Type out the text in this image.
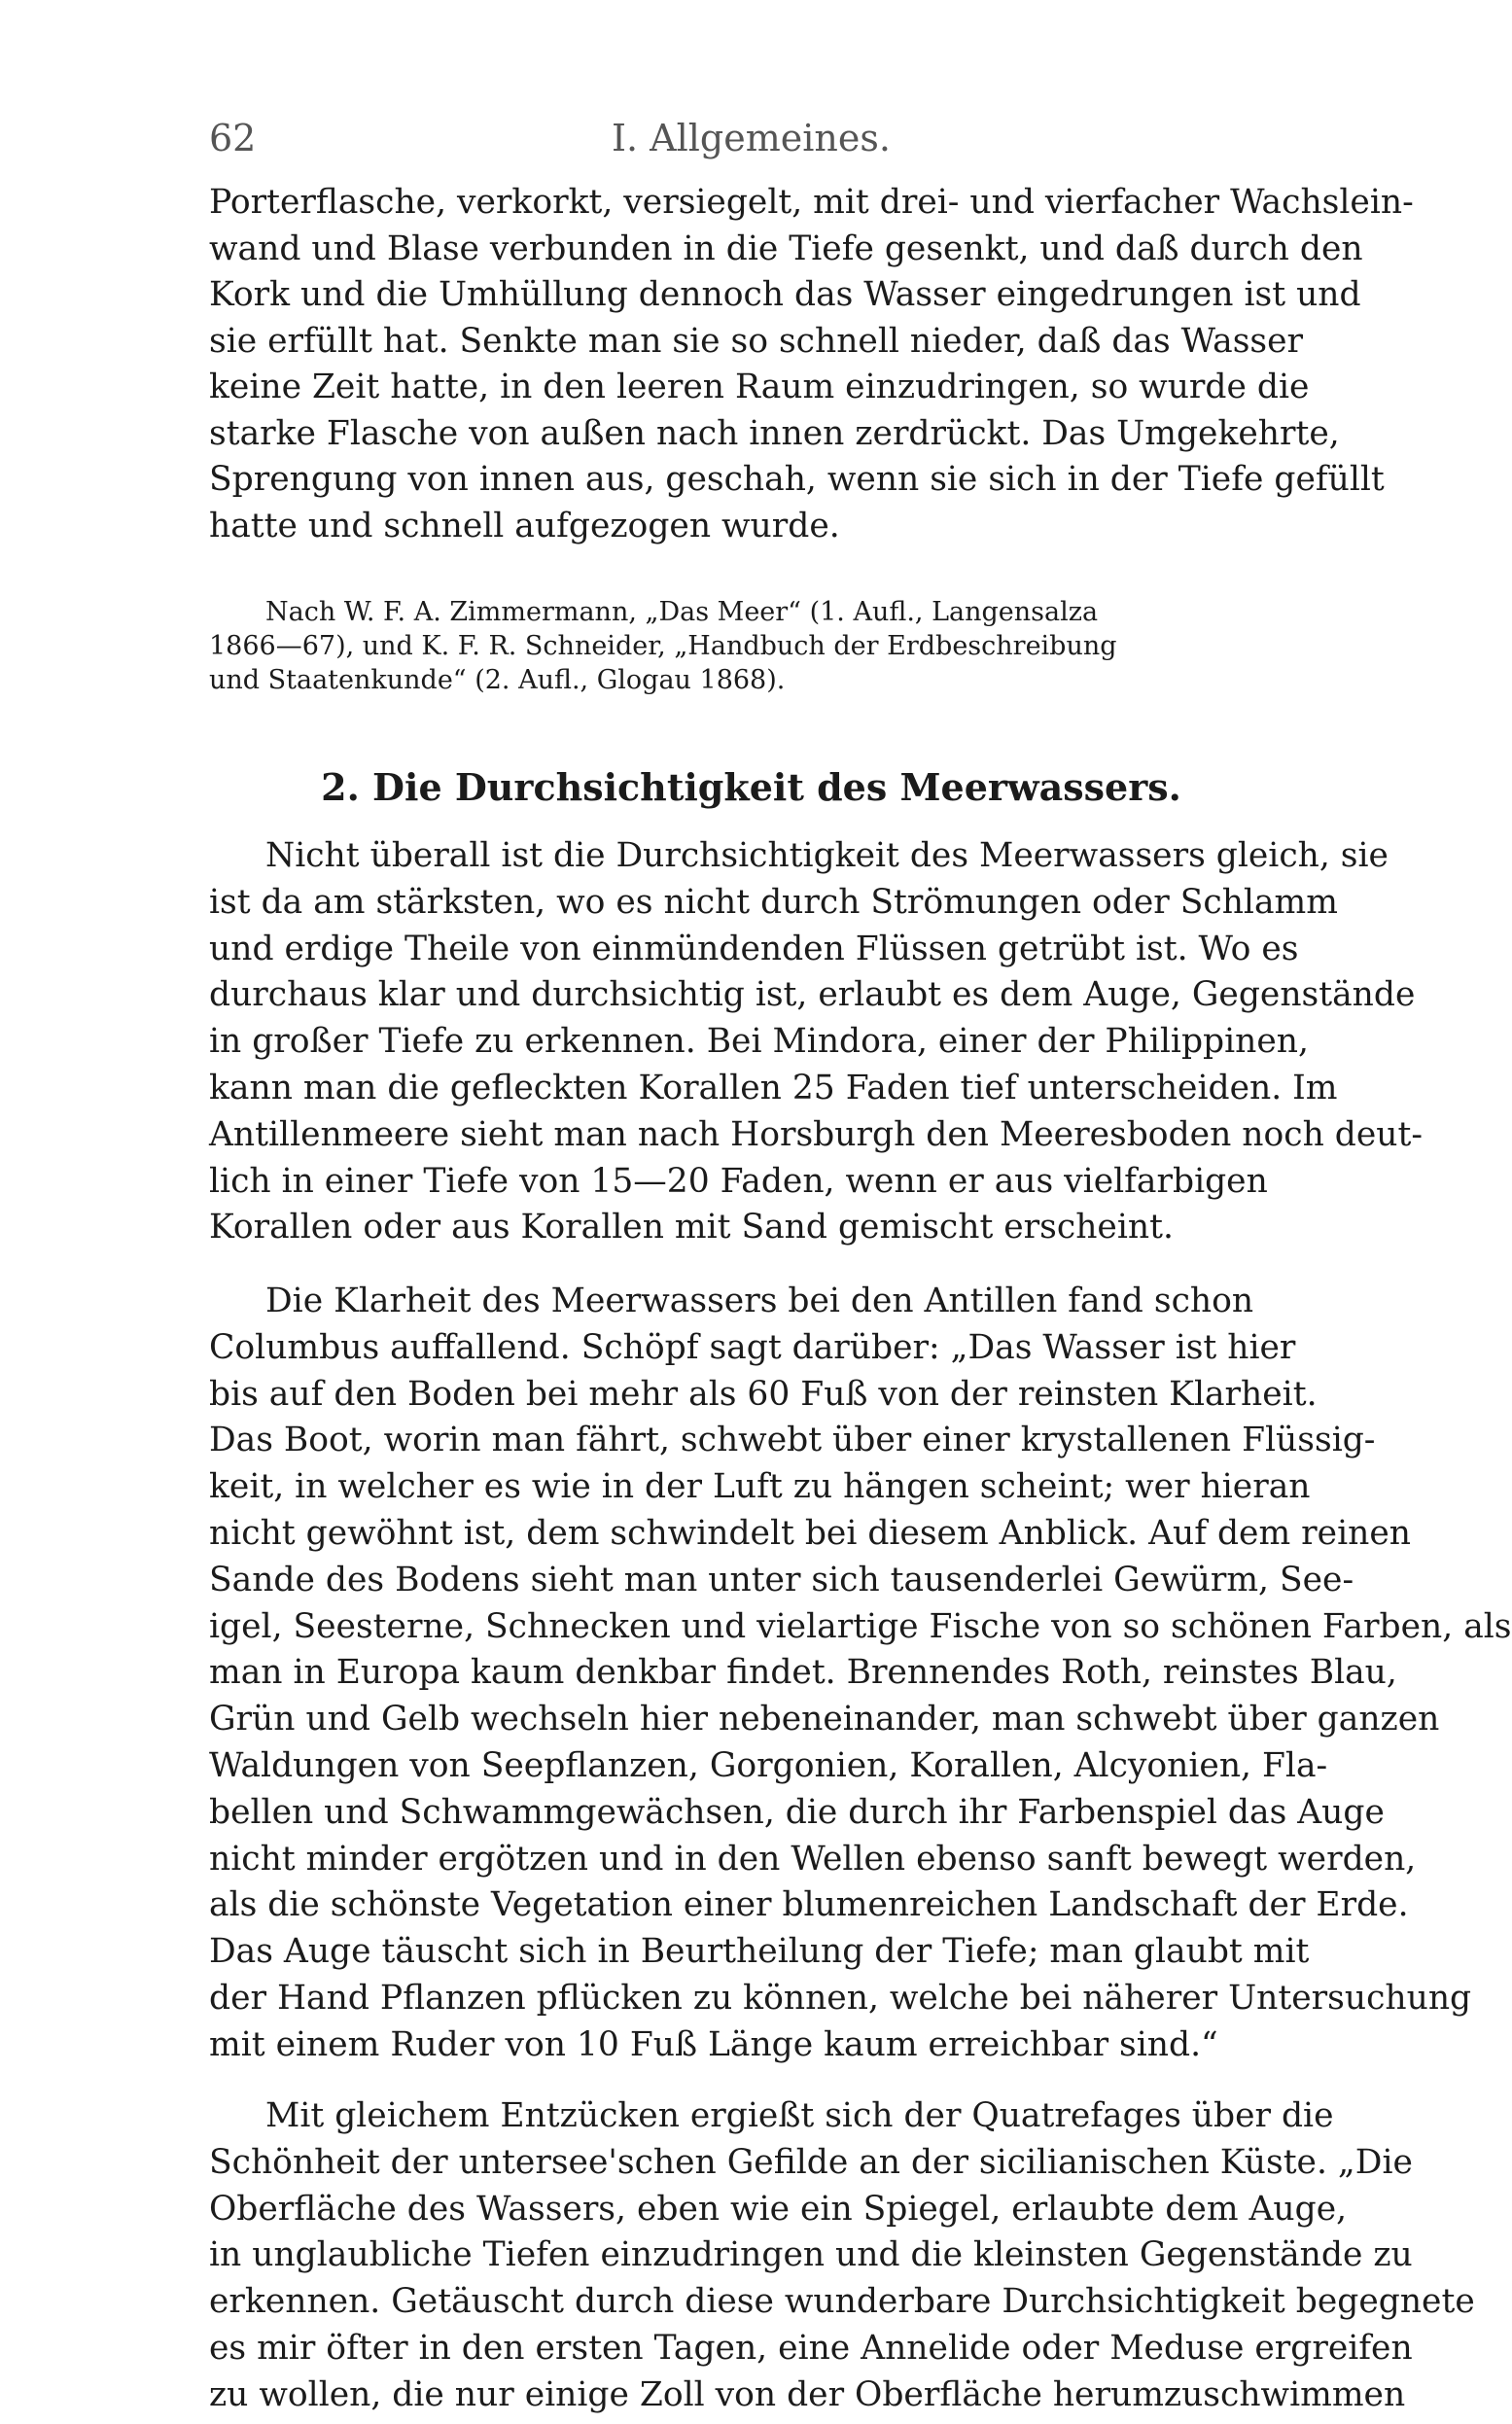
62	I. Allgemeines.
Porterflasche, verkorkt, versiegelt, mit drei- und vierfacher Wachslein-
wand und Blase verbunden in die Tiefe gesenkt, und daß durch den
Kork und die Umhüllung dennoch das Wasser eingedrungen ist und
sie erfüllt hat. Senkte man sie so schnell nieder, daß das Wasser
keine Zeit hatte, in den leeren Raum einzudringen, so wurde die
starke Flasche von außen nach innen zerdrückt. Das Umgekehrte,
Sprengung von innen aus, geschah, wenn sie sich in der Tiefe gefüllt
hatte und schnell aufgezogen wurde.
Nach W. F. A. Zimmermann, „Das Meer“ (1. Aufl., Langensalza
1866—67), und K. F. R. Schneider, „Handbuch der Erdbeschreibung
und Staatenkunde“ (2. Aufl., Glogau 1868).
2. Die Durchsichtigkeit des Meerwassers.
Nicht überall ist die Durchsichtigkeit des Meerwassers gleich, sie
ist da am stärksten, wo es nicht durch Strömungen oder Schlamm
und erdige Theile von einmündenden Flüssen getrübt ist. Wo es
durchaus klar und durchsichtig ist, erlaubt es dem Auge, Gegenstände
in großer Tiefe zu erkennen. Bei Mindora, einer der Philippinen,
kann man die gefleckten Korallen 25 Faden tief unterscheiden. Im
Antillenmeere sieht man nach Horsburgh den Meeresboden noch deut-
lich in einer Tiefe von 15—20 Faden, wenn er aus vielfarbigen
Korallen oder aus Korallen mit Sand gemischt erscheint.
Die Klarheit des Meerwassers bei den Antillen fand schon
Columbus auffallend. Schöpf sagt darüber: „Das Wasser ist hier
bis auf den Boden bei mehr als 60 Fuß von der reinsten Klarheit.
Das Boot, worin man fährt, schwebt über einer krystallenen Flüssig-
keit, in welcher es wie in der Luft zu hängen scheint; wer hieran
nicht gewöhnt ist, dem schwindelt bei diesem Anblick. Auf dem reinen
Sande des Bodens sieht man unter sich tausenderlei Gewürm, See-
igel, Seesterne, Schnecken und vielartige Fische von so schönen Farben, als
man in Europa kaum denkbar findet. Brennendes Roth, reinstes Blau,
Grün und Gelb wechseln hier nebeneinander, man schwebt über ganzen
Waldungen von Seepflanzen, Gorgonien, Korallen, Alcyonien, Fla-
bellen und Schwammgewächsen, die durch ihr Farbenspiel das Auge
nicht minder ergötzen und in den Wellen ebenso sanft bewegt werden,
als die schönste Vegetation einer blumenreichen Landschaft der Erde.
Das Auge täuscht sich in Beurtheilung der Tiefe; man glaubt mit
der Hand Pflanzen pflücken zu können, welche bei näherer Untersuchung
mit einem Ruder von 10 Fuß Länge kaum erreichbar sind.“
Mit gleichem Entzücken ergießt sich der Quatrefages über die
Schönheit der untersee'schen Gefilde an der sicilianischen Küste. „Die
Oberfläche des Wassers, eben wie ein Spiegel, erlaubte dem Auge,
in unglaubliche Tiefen einzudringen und die kleinsten Gegenstände zu
erkennen. Getäuscht durch diese wunderbare Durchsichtigkeit begegnete
es mir öfter in den ersten Tagen, eine Annelide oder Medusе ergreifen
zu wollen, die nur einige Zoll von der Oberfläche herumzuschwimmen
